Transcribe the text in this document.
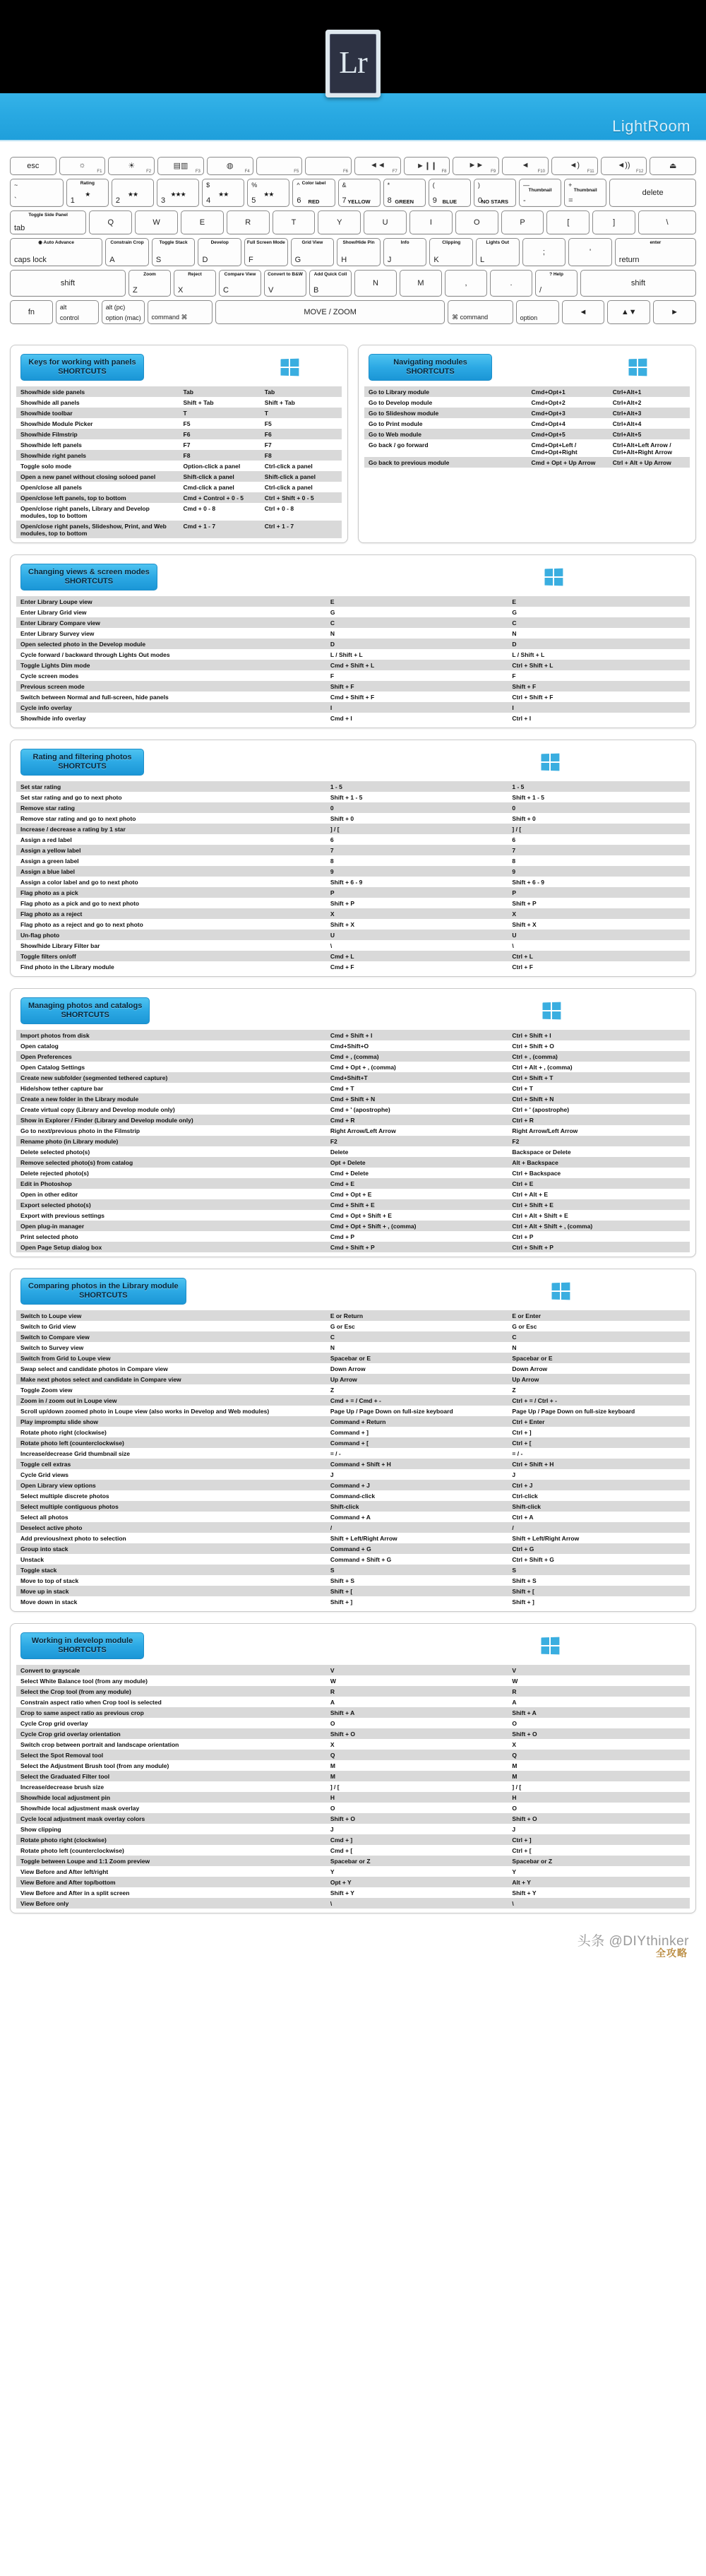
LightRoom
Lr
esc	☼
F1
☀
F2
▤▥
F3
◍
F4	F5	F6
◄◄
F7
►❙❙
F8
►►
F9
◄
F10
◄)
F11
◄))
F12
⏏
~
`
Rating
★
1
★★
2
★★★
3
$
★★
4
%
★★
5
Color label
^
RED
6
&
YELLOW
7
*
GREEN
8
(
BLUE
9
)
NO STARS
0
Thumbnail
—
-
Thumbnail
+
=
delete
Toggle Side Panel
tab
Q	W	E	R	T	Y	U	I	O	P	[	]	\
◉ Auto Advance
caps lock
Constrain Crop
A
Toggle Stack
S
Develop
D
Full Screen Mode
F
Grid View
G
Show/Hide Pin
H
Info
J
Clipping
K
Lights Out
L
;	'
enter
return
shift
Zoom
Z
Reject
X
Compare View
C
Convert to B&W
V
Add Quick Coll
B
N	M	,	.
? Help
/
shift
fn
alt
control
alt (pc)
option (mac) command ⌘
MOVE / ZOOM
⌘ command	option
◄	▲▼	►
Keys for working with panels
SHORTCUTS
Show/hide side panels	Tab	Tab
Show/hide all panels	Shift + Tab	Shift + Tab
Show/hide toolbar	T	T
Show/hide Module Picker	F5	F5
Show/hide Filmstrip	F6	F6
Show/hide left panels	F7	F7
Show/hide right panels	F8	F8
Toggle solo mode	Option-click a panel	Ctrl-click a panel
Open a new panel without closing soloed panel	Shift-click a panel	Shift-click a panel
Open/close all panels	Cmd-click a panel	Ctrl-click a panel
Open/close left panels, top to bottom	Cmd + Control + 0 - 5	Ctrl + Shift + 0 - 5
Open/close right panels, Library and Develop modules, top to bottom	Cmd + 0 - 8	Ctrl + 0 - 8
Open/close right panels, Slideshow, Print, and Web modules, top to bottom	Cmd + 1 - 7	Ctrl + 1 - 7
Navigating modules
SHORTCUTS
Go to Library module	Cmd+Opt+1	Ctrl+Alt+1
Go to Develop module	Cmd+Opt+2	Ctrl+Alt+2
Go to Slideshow module	Cmd+Opt+3	Ctrl+Alt+3
Go to Print module	Cmd+Opt+4	Ctrl+Alt+4
Go to Web module	Cmd+Opt+5	Ctrl+Alt+5
Go back / go forward	Cmd+Opt+Left / Cmd+Opt+Right	Ctrl+Alt+Left Arrow / Ctrl+Alt+Right Arrow
Go back to previous module	Cmd + Opt + Up Arrow	Ctrl + Alt + Up Arrow
Changing views & screen modes
SHORTCUTS
Enter Library Loupe view	E	E
Enter Library Grid view	G	G
Enter Library Compare view	C	C
Enter Library Survey view	N	N
Open selected photo in the Develop module	D	D
Cycle forward / backward through Lights Out modes	L / Shift + L	L / Shift + L
Toggle Lights Dim mode	Cmd + Shift + L	Ctrl + Shift + L
Cycle screen modes	F	F
Previous screen mode	Shift + F	Shift + F
Switch between Normal and full-screen, hide panels	Cmd + Shift + F	Ctrl + Shift + F
Cycle info overlay	I	I
Show/hide info overlay	Cmd + I	Ctrl + I
Rating and filtering photos
SHORTCUTS
Set star rating	1 - 5	1 - 5
Set star rating and go to next photo	Shift + 1 - 5	Shift + 1 - 5
Remove star rating	0	0
Remove star rating and go to next photo	Shift + 0	Shift + 0
Increase / decrease a rating by 1 star	] / [	] / [
Assign a red label	6	6
Assign a yellow label	7	7
Assign a green label	8	8
Assign a blue label	9	9
Assign a color label and go to next photo	Shift + 6 - 9	Shift + 6 - 9
Flag photo as a pick	P	P
Flag photo as a pick and go to next photo	Shift + P	Shift + P
Flag photo as a reject	X	X
Flag photo as a reject and go to next photo	Shift + X	Shift + X
Un-flag photo	U	U
Show/hide Library Filter bar	\	\
Toggle filters on/off	Cmd + L	Ctrl + L
Find photo in the Library module	Cmd + F	Ctrl + F
Managing photos and catalogs
SHORTCUTS
Import photos from disk	Cmd + Shift + I	Ctrl + Shift + I
Open catalog	Cmd+Shift+O	Ctrl + Shift + O
Open Preferences	Cmd + , (comma)	Ctrl + , (comma)
Open Catalog Settings	Cmd + Opt + , (comma)	Ctrl + Alt + , (comma)
Create new subfolder (segmented tethered capture)	Cmd+Shift+T	Ctrl + Shift + T
Hide/show tether capture bar	Cmd + T	Ctrl + T
Create a new folder in the Library module	Cmd + Shift + N	Ctrl + Shift + N
Create virtual copy (Library and Develop module only)	Cmd + ' (apostrophe)	Ctrl + ' (apostrophe)
Show in Explorer / Finder (Library and Develop module only)	Cmd + R	Ctrl + R
Go to next/previous photo in the Filmstrip	Right Arrow/Left Arrow	Right Arrow/Left Arrow
Rename photo (in Library module)	F2	F2
Delete selected photo(s)	Delete	Backspace or Delete
Remove selected photo(s) from catalog	Opt + Delete	Alt + Backspace
Delete rejected photo(s)	Cmd + Delete	Ctrl + Backspace
Edit in Photoshop	Cmd + E	Ctrl + E
Open in other editor	Cmd + Opt + E	Ctrl + Alt + E
Export selected photo(s)	Cmd + Shift + E	Ctrl + Shift + E
Export with previous settings	Cmd + Opt + Shift + E	Ctrl + Alt + Shift + E
Open plug-in manager	Cmd + Opt + Shift + , (comma)	Ctrl + Alt + Shift + , (comma)
Print selected photo	Cmd + P	Ctrl + P
Open Page Setup dialog box	Cmd + Shift + P	Ctrl + Shift + P
Comparing photos in the Library module
SHORTCUTS
Switch to Loupe view	E or Return	E or Enter
Switch to Grid view	G or Esc	G or Esc
Switch to Compare view	C	C
Switch to Survey view	N	N
Switch from Grid to Loupe view	Spacebar or E	Spacebar or E
Swap select and candidate photos in Compare view	Down Arrow	Down Arrow
Make next photos select and candidate in Compare view	Up Arrow	Up Arrow
Toggle Zoom view	Z	Z
Zoom in / zoom out in Loupe view	Cmd + = / Cmd + -	Ctrl + = / Ctrl + -
Scroll up/down zoomed photo in Loupe view (also works in Develop and Web modules)	Page Up / Page Down on full-size keyboard	Page Up / Page Down on full-size keyboard
Play impromptu slide show	Command + Return	Ctrl + Enter
Rotate photo right (clockwise)	Command + ]	Ctrl + ]
Rotate photo left (counterclockwise)	Command + [	Ctrl + [
Increase/decrease Grid thumbnail size	= / -	= / -
Toggle cell extras	Command + Shift + H	Ctrl + Shift + H
Cycle Grid views	J	J
Open Library view options	Command + J	Ctrl + J
Select multiple discrete photos	Command-click	Ctrl-click
Select multiple contiguous photos	Shift-click	Shift-click
Select all photos	Command + A	Ctrl + A
Deselect active photo	/	/
Add previous/next photo to selection	Shift + Left/Right Arrow	Shift + Left/Right Arrow
Group into stack	Command + G	Ctrl + G
Unstack	Command + Shift + G	Ctrl + Shift + G
Toggle stack	S	S
Move to top of stack	Shift + S	Shift + S
Move up in stack	Shift + [	Shift + [
Move down in stack	Shift + ]	Shift + ]
Working in develop module
SHORTCUTS
Convert to grayscale	V	V
Select White Balance tool (from any module)	W	W
Select the Crop tool (from any module)	R	R
Constrain aspect ratio when Crop tool is selected	A	A
Crop to same aspect ratio as previous crop	Shift + A	Shift + A
Cycle Crop grid overlay	O	O
Cycle Crop grid overlay orientation	Shift + O	Shift + O
Switch crop between portrait and landscape orientation	X	X
Select the Spot Removal tool	Q	Q
Select the Adjustment Brush tool (from any module)	M	M
Select the Graduated Filter tool	M	M
Increase/decrease brush size	] / [	] / [
Show/hide local adjustment pin	H	H
Show/hide local adjustment mask overlay	O	O
Cycle local adjustment mask overlay colors	Shift + O	Shift + O
Show clipping	J	J
Rotate photo right (clockwise)	Cmd + ]	Ctrl + ]
Rotate photo left (counterclockwise)	Cmd + [	Ctrl + [
Toggle between Loupe and 1:1 Zoom preview	Spacebar or Z	Spacebar or Z
View Before and After left/right	Y	Y
View Before and After top/bottom	Opt + Y	Alt + Y
View Before and After in a split screen	Shift + Y	Shift + Y
View Before only	\	\
头条 @DIYthinker
全攻略
